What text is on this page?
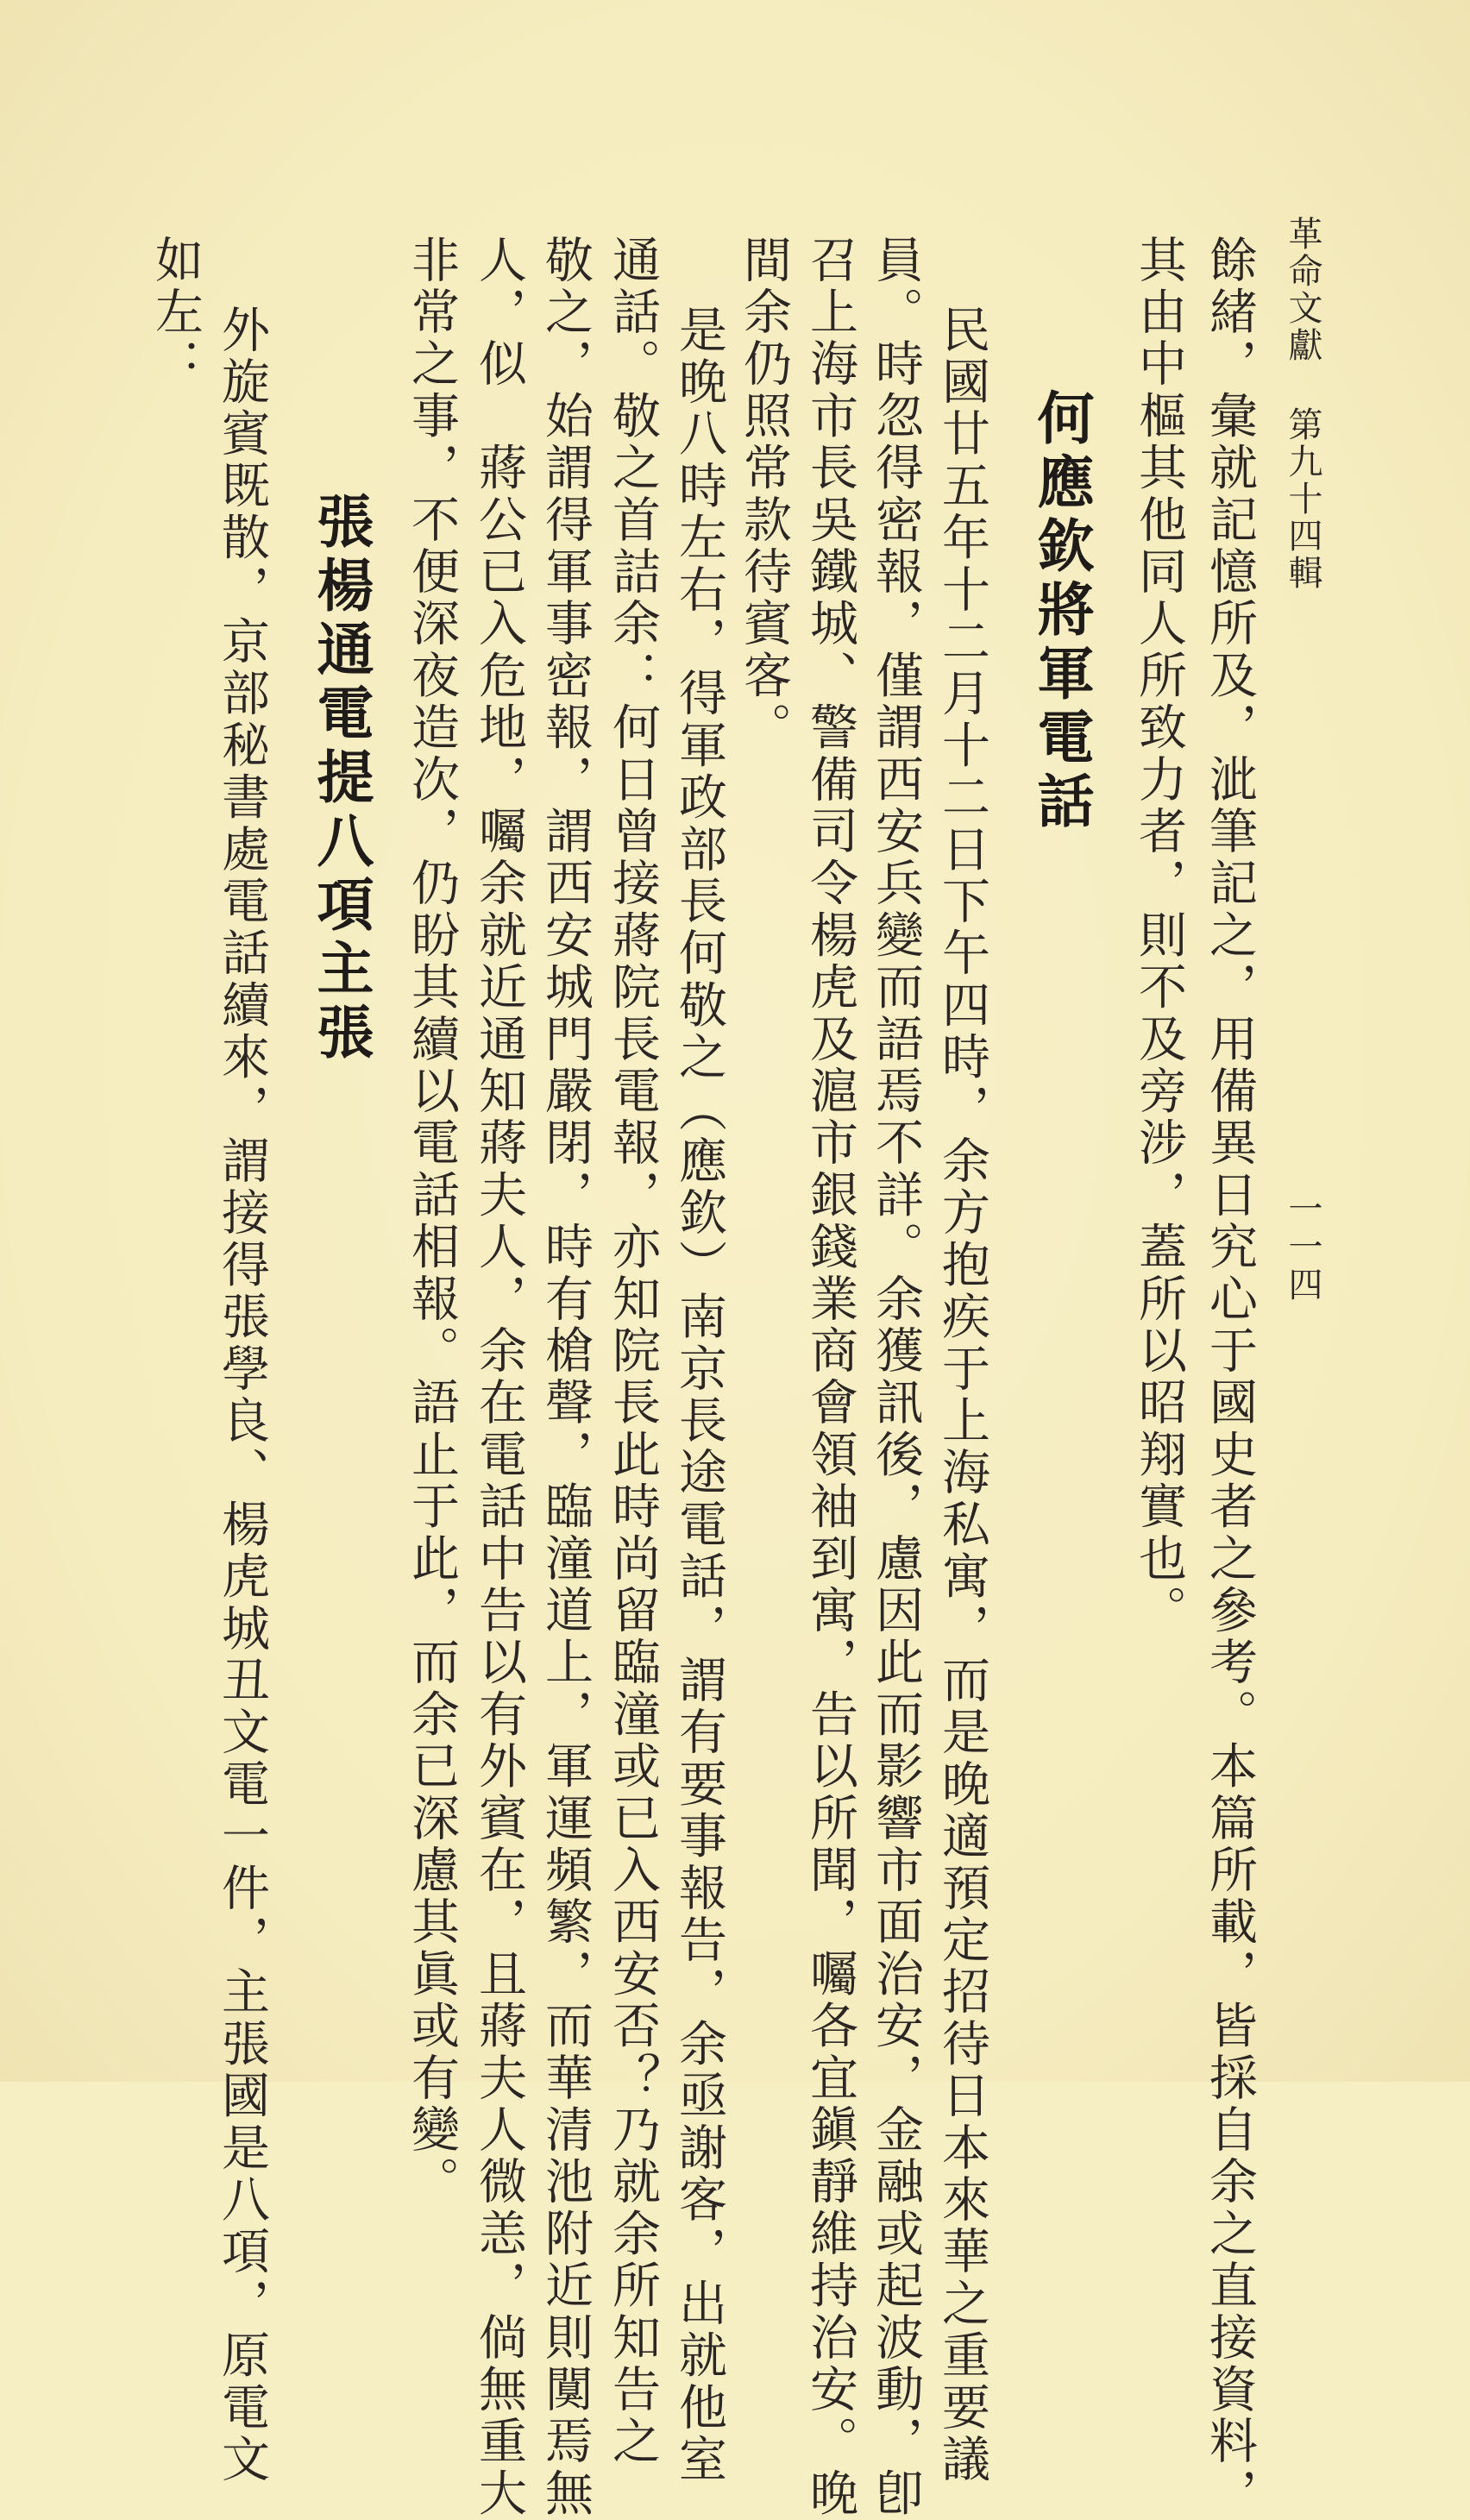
革命文獻 第九十四輯
一一四
餘緒，彙就記憶所及，泚筆記之，用備異日究心于國史者之參考。本篇所載，皆採自余之直接資料，
其由中樞其他同人所致力者，則不及旁涉，蓋所以昭翔實也。
何應欽將軍電話
民國廿五年十二月十二日下午四時，余方抱疾于上海私寓，而是晚適預定招待日本來華之重要議
員。時忽得密報，僅謂西安兵變而語焉不詳。余獲訊後，慮因此而影響市面治安，金融或起波動，卽
召上海市長吳鐵城、警備司令楊虎及滬市銀錢業商會領袖到寓，告以所聞，囑各宜鎭靜維持治安。晚
間余仍照常款待賓客。
是晚八時左右，得軍政部長何敬之（應欽）南京長途電話，謂有要事報告，余亟謝客，出就他室
通話。敬之首詰余：何日曾接蔣院長電報，亦知院長此時尚留臨潼或已入西安否？乃就余所知告之
敬之，始謂得軍事密報，謂西安城門嚴閉，時有槍聲，臨潼道上，軍運頻繁，而華清池附近則闃焉無
人，似　蔣公已入危地，囑余就近通知蔣夫人，余在電話中告以有外賓在，且蔣夫人微恙，倘無重大
非常之事，不便深夜造次，仍盼其續以電話相報。語止于此，而余已深慮其眞或有變。
張楊通電提八項主張
外旋賓既散，京部秘書處電話續來，謂接得張學良、楊虎城丑文電一件，主張國是八項，原電文
如左：
